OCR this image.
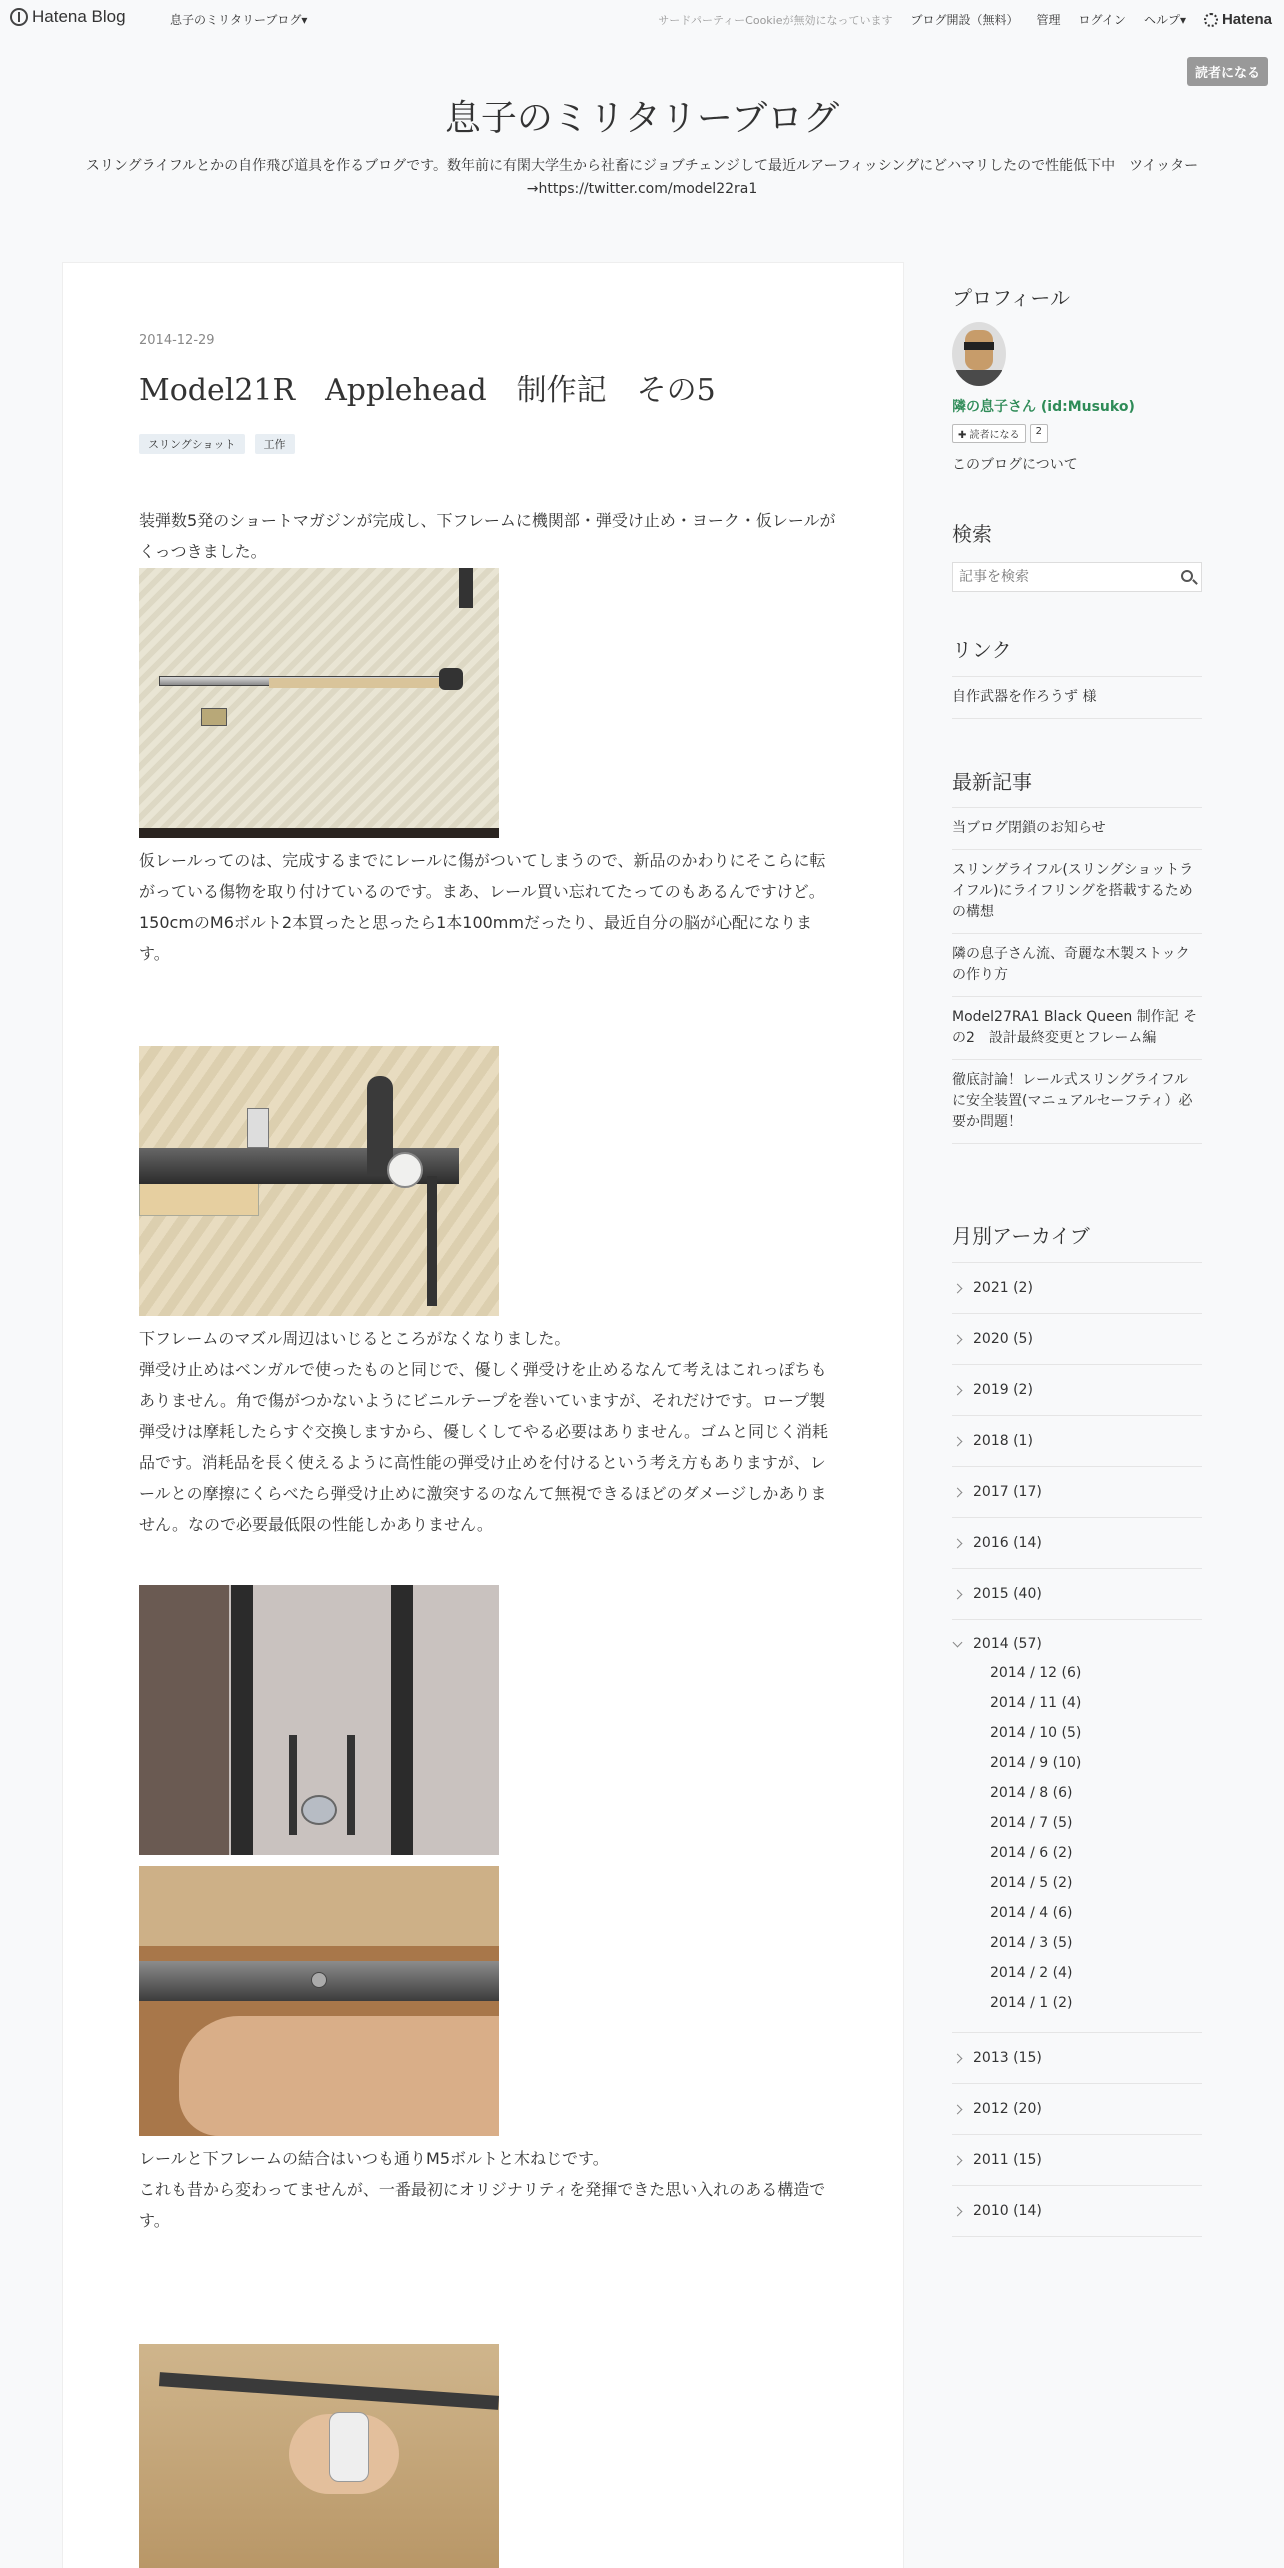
Hatena Blog	息子のミリタリーブログ▾	サードパーティーCookieが無効になっています ブログ開設（無料） 管理 ログイン ヘルプ▾ Hatena
読者になる
息子のミリタリーブログ

スリングライフルとかの自作飛び道具を作るブログです。数年前に有閑大学生から社畜にジョブチェンジして最近ルアーフィッシングにどハマリしたので性能低下中　ツイッター→https://twitter.com/model22ra1

2014-12-29
Model21R　Applehead　制作記　その5
スリングショット	工作

装弾数5発のショートマガジンが完成し、下フレームに機関部・弾受け止め・ヨーク・仮レールがくっつきました。

仮レールってのは、完成するまでにレールに傷がついてしまうので、新品のかわりにそこらに転がっている傷物を取り付けているのです。まあ、レール買い忘れてたってのもあるんですけど。150cmのM6ボルト2本買ったと思ったら1本100mmだったり、最近自分の脳が心配になります。

下フレームのマズル周辺はいじるところがなくなりました。
弾受け止めはベンガルで使ったものと同じで、優しく弾受けを止めるなんて考えはこれっぽちもありません。角で傷がつかないようにビニルテープを巻いていますが、それだけです。ロープ製弾受けは摩耗したらすぐ交換しますから、優しくしてやる必要はありません。ゴムと同じく消耗品です。消耗品を長く使えるように高性能の弾受け止めを付けるという考え方もありますが、レールとの摩擦にくらべたら弾受け止めに激突するのなんて無視できるほどのダメージしかありません。なので必要最低限の性能しかありません。

レールと下フレームの結合はいつも通りM5ボルトと木ねじです。
これも昔から変わってませんが、一番最初にオリジナリティを発揮できた思い入れのある構造です。

プロフィール
隣の息子さん (id:Musuko)
✚ 読者になる	2
このブログについて
検索
記事を検索
リンク
自作武器を作ろうず 様
最新記事
当ブログ閉鎖のお知らせ
スリングライフル(スリングショットライフル)にライフリングを搭載するための構想
隣の息子さん流、奇麗な木製ストックの作り方
Model27RA1 Black Queen 制作記 その2　設計最終変更とフレーム編
徹底討論！レール式スリングライフルに安全装置(マニュアルセーフティ）必要か問題！
月別アーカイブ
2021 (2)
2020 (5)
2019 (2)
2018 (1)
2017 (17)
2016 (14)
2015 (40)
2014 (57)
2014 / 12 (6)
2014 / 11 (4)
2014 / 10 (5)
2014 / 9 (10)
2014 / 8 (6)
2014 / 7 (5)
2014 / 6 (2)
2014 / 5 (2)
2014 / 4 (6)
2014 / 3 (5)
2014 / 2 (4)
2014 / 1 (2)
2013 (15)
2012 (20)
2011 (15)
2010 (14)
